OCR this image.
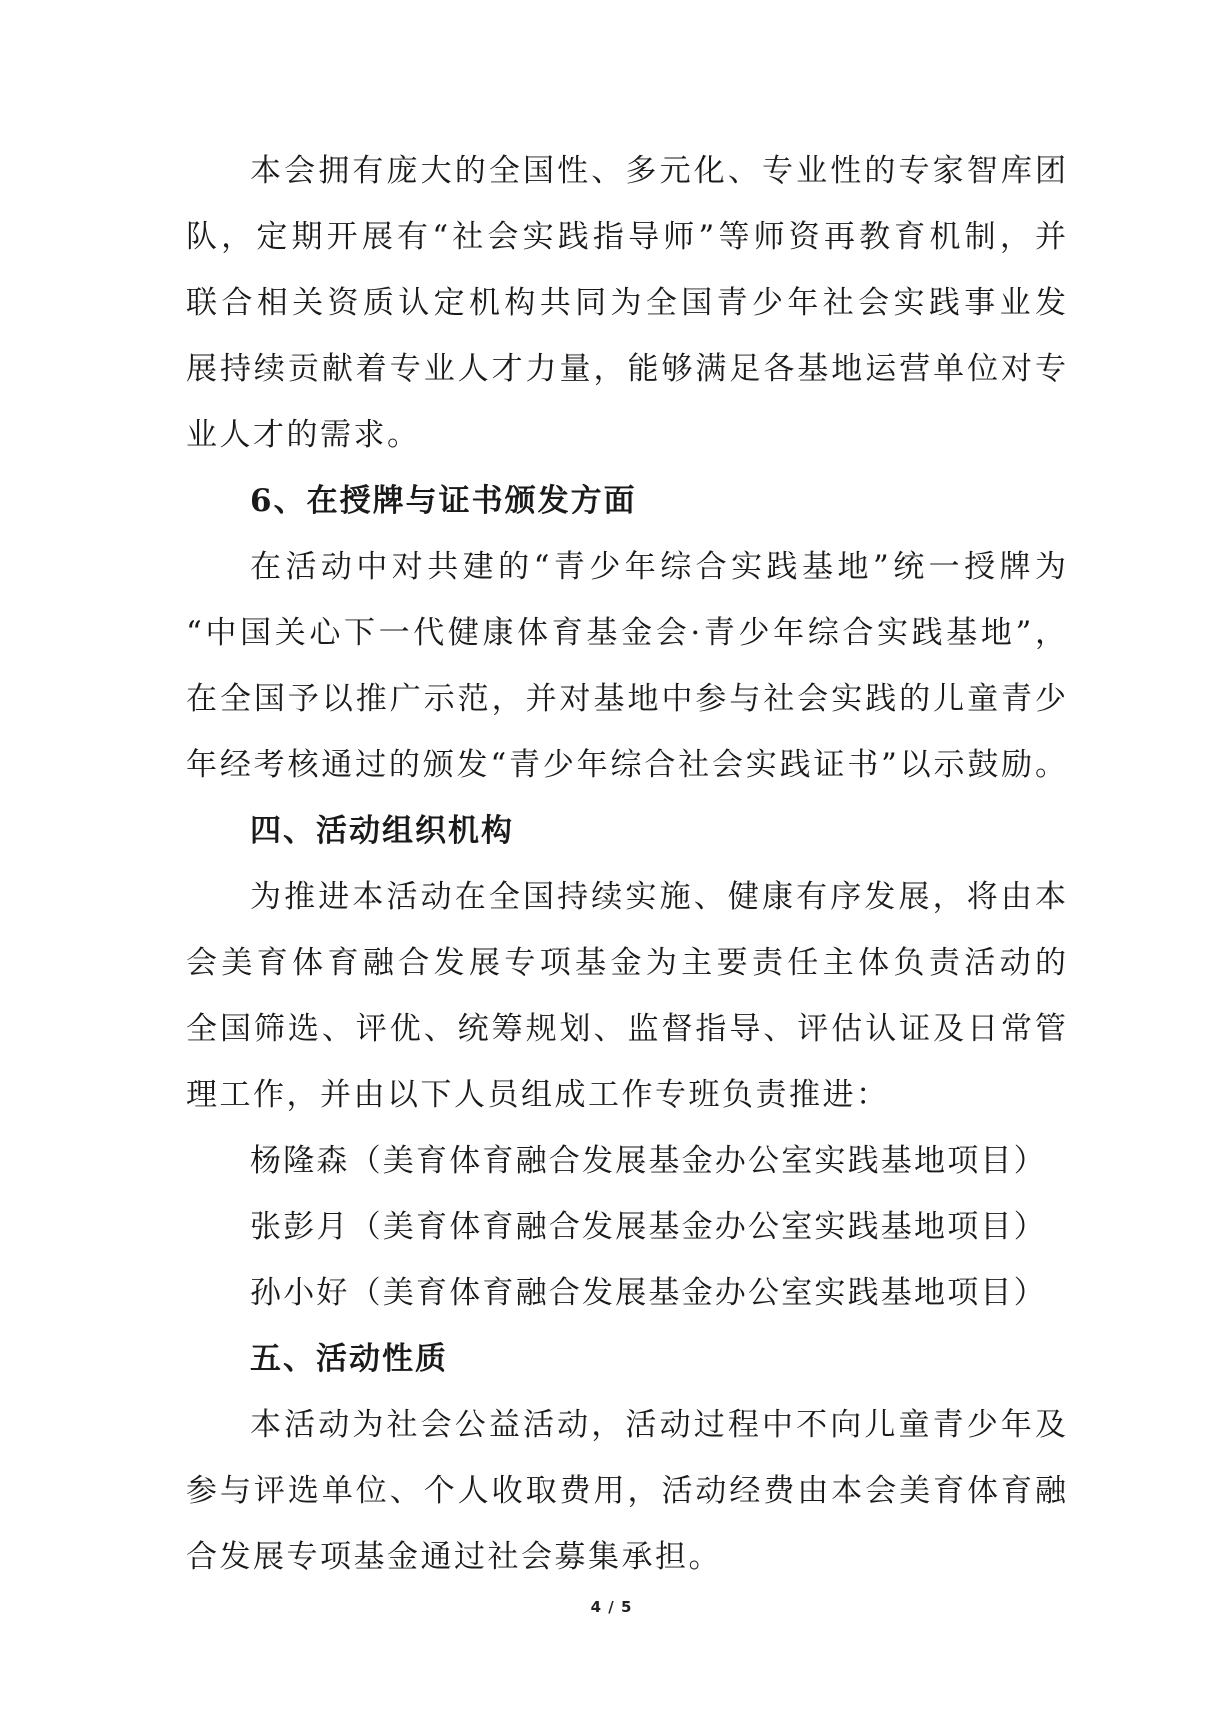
本会拥有庞大的全国性、多元化、专业性的专家智库团
队，定期开展有“社会实践指导师”等师资再教育机制，并
联合相关资质认定机构共同为全国青少年社会实践事业发
展持续贡献着专业人才力量，能够满足各基地运营单位对专
业人才的需求。
6、在授牌与证书颁发方面
在活动中对共建的“青少年综合实践基地”统一授牌为
“中国关心下一代健康体育基金会·青少年综合实践基地”，
在全国予以推广示范，并对基地中参与社会实践的儿童青少
年经考核通过的颁发“青少年综合社会实践证书”以示鼓励。
四、活动组织机构
为推进本活动在全国持续实施、健康有序发展，将由本
会美育体育融合发展专项基金为主要责任主体负责活动的
全国筛选、评优、统筹规划、监督指导、评估认证及日常管
理工作，并由以下人员组成工作专班负责推进：
杨隆森（美育体育融合发展基金办公室实践基地项目）
张彭月（美育体育融合发展基金办公室实践基地项目）
孙小好（美育体育融合发展基金办公室实践基地项目）
五、活动性质
本活动为社会公益活动，活动过程中不向儿童青少年及
参与评选单位、个人收取费用，活动经费由本会美育体育融
合发展专项基金通过社会募集承担。
4 / 5
